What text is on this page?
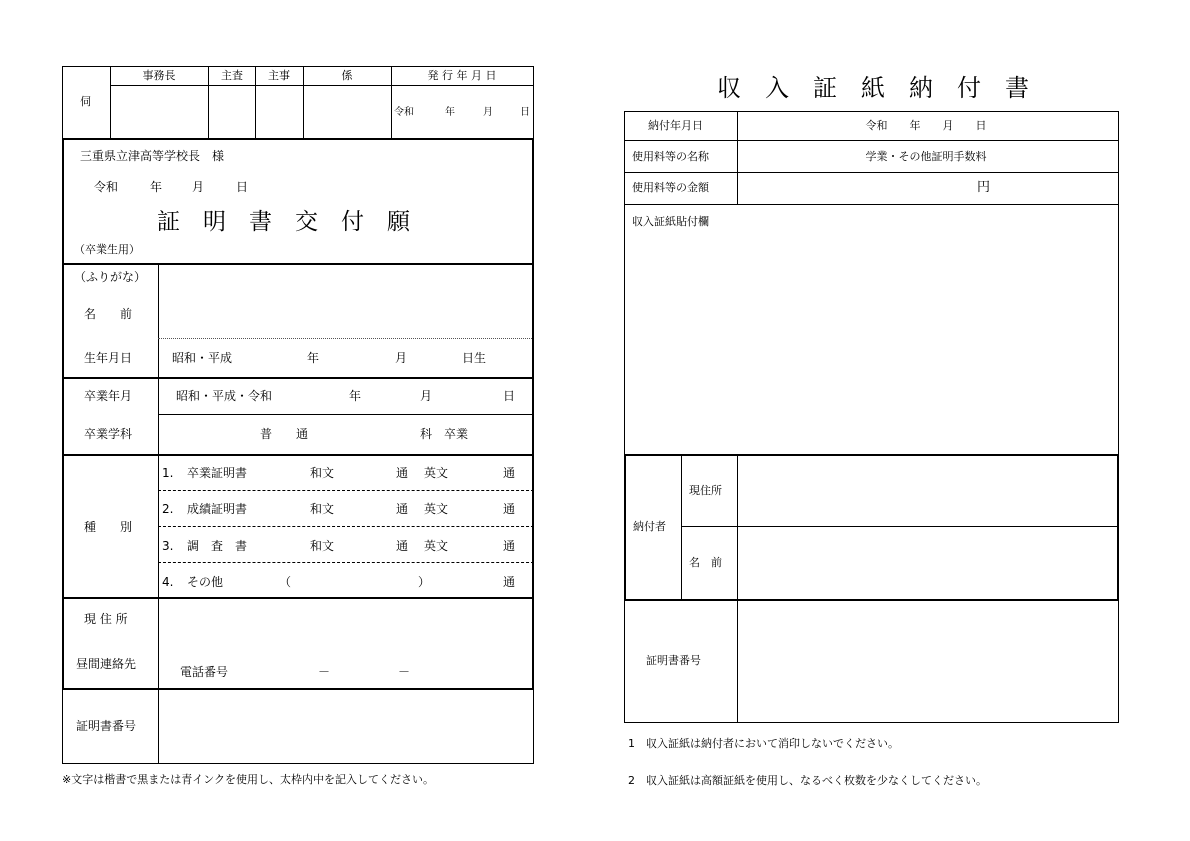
伺
事務長	主査 主事	係	発 行 年 月 日
令和	年	月	日
三重県立津高等学校長　様
令和	年 月	日
証　明　書　交　付　願
（卒業生用）
（ふりがな）
名　　前
生年月日	昭和・平成	年	月	日生
卒業年月	昭和・平成・令和	年	月	日
卒業学科	普　　通	科　卒業
種　　別
1. 卒業証明書	和文	通 英文	通
2. 成績証明書	和文	通 英文	通
3. 調　査　書	和文	通 英文	通
4. その他	（	）	通
現 住 所
昼間連絡先
電話番号	－	－
証明書番号
※文字は楷書で黒または青インクを使用し、太枠内中を記入してください。
収　入　証　紙　納　付　書
納付年月日	令和　　年　　月　　日
使用料等の名称	学業・その他証明手数料
使用料等の金額	円
収入証紙貼付欄
納付者
現住所
名　前
証明書番号
1　収入証紙は納付者において消印しないでください。
2　収入証紙は高額証紙を使用し、なるべく枚数を少なくしてください。
